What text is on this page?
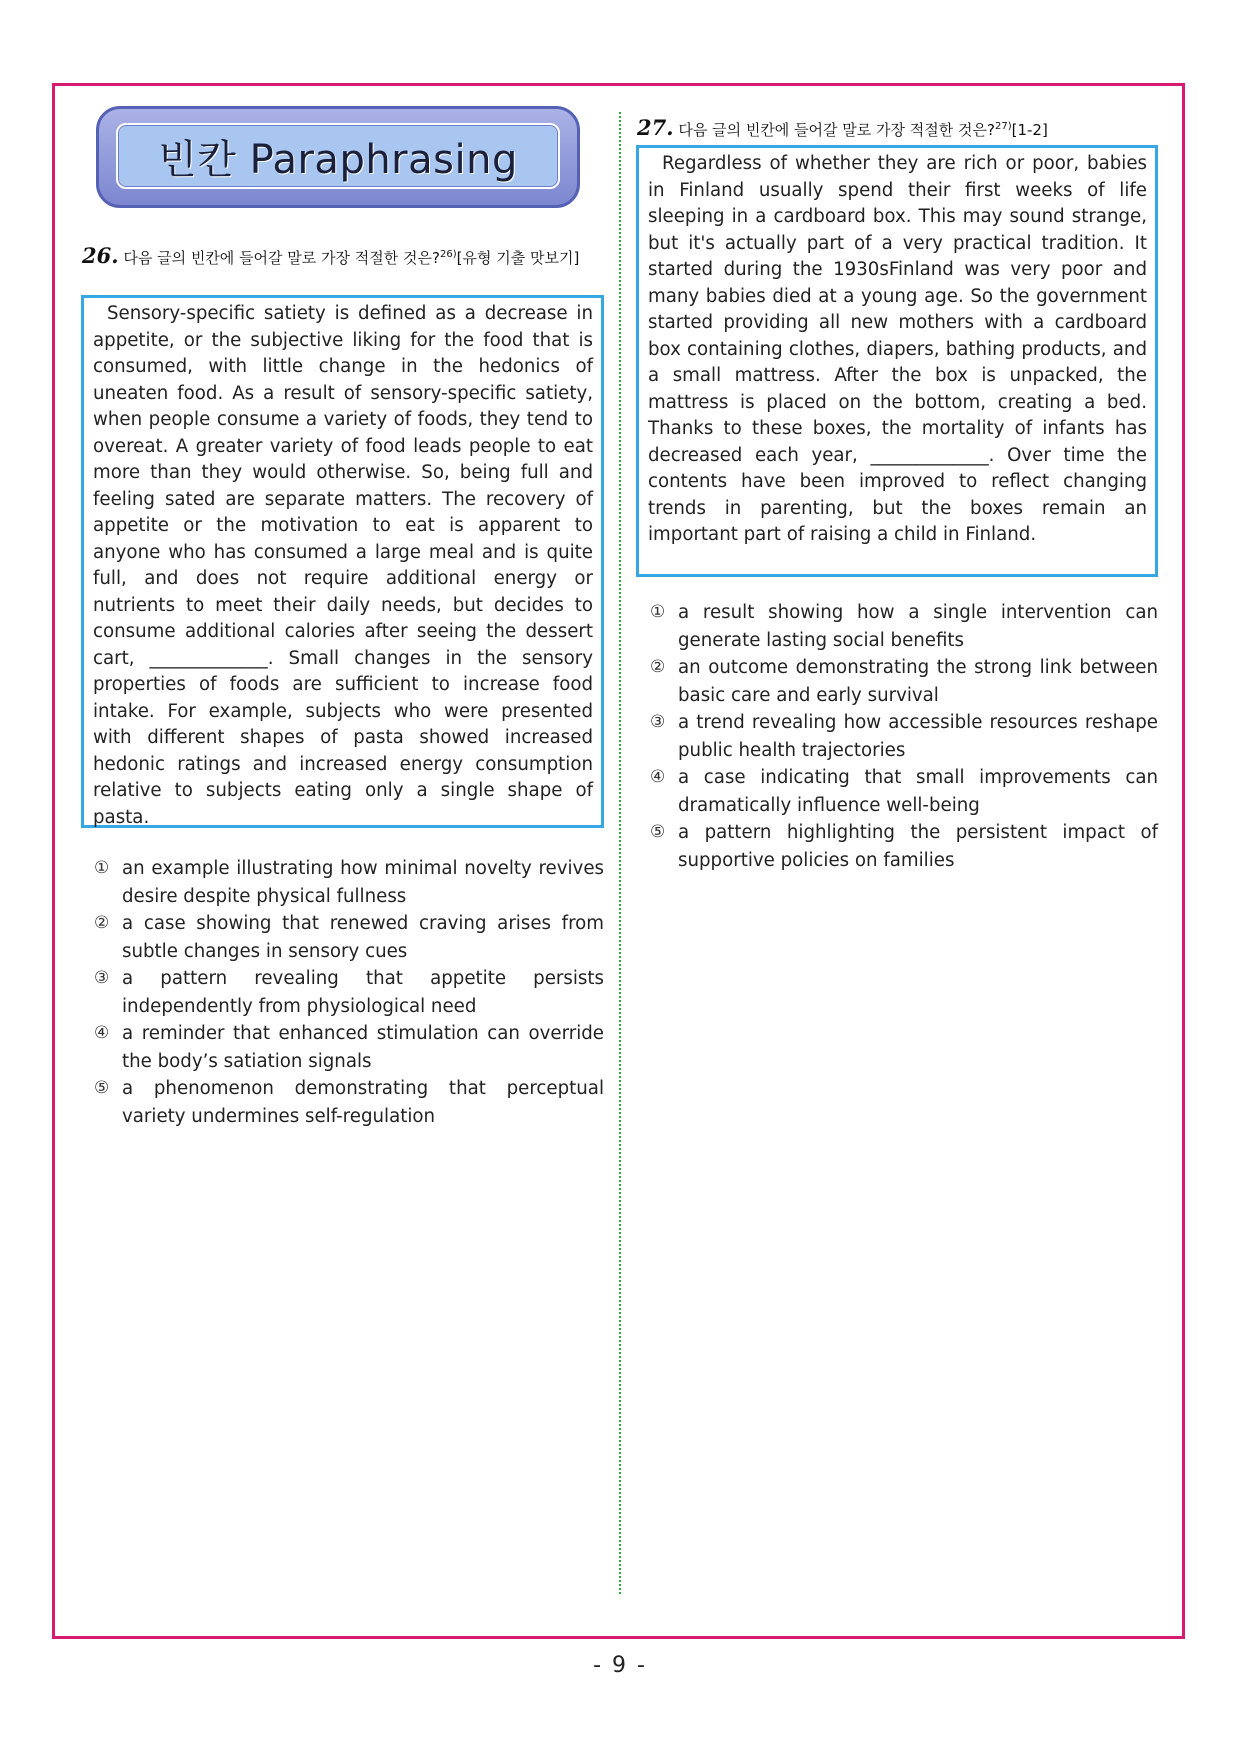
빈칸 Paraphrasing
26. 다음 글의 빈칸에 들어갈 말로 가장 적절한 것은?$^{26)}$[유형 기출 맛보기]

Sensory-specific satiety is defined as a decrease in appetite, or the subjective liking for the food that is consumed, with little change in the hedonics of uneaten food. As a result of sensory-specific satiety, when people consume a variety of foods, they tend to overeat. A greater variety of food leads people to eat more than they would otherwise. So, being full and feeling sated are separate matters. The recovery of appetite or the motivation to eat is apparent to anyone who has consumed a large meal and is quite full, and does not require additional energy or nutrients to meet their daily needs, but decides to consume additional calories after seeing the dessert cart, _____________. Small changes in the sensory properties of foods are sufficient to increase food intake. For example, subjects who were presented with different shapes of pasta showed increased hedonic ratings and increased energy consumption relative to subjects eating only a single shape of pasta.

① an example illustrating how minimal novelty revives desire despite physical fullness
② a case showing that renewed craving arises from subtle changes in sensory cues
③ a pattern revealing that appetite persists independently from physiological need
④ a reminder that enhanced stimulation can override the body’s satiation signals
⑤ a phenomenon demonstrating that perceptual variety undermines self-regulation
27. 다음 글의 빈칸에 들어갈 말로 가장 적절한 것은?$^{27)}$[1-2]

Regardless of whether they are rich or poor, babies in Finland usually spend their first weeks of life sleeping in a cardboard box. This may sound strange, but it's actually part of a very practical tradition. It started during the 1930sFinland was very poor and many babies died at a young age. So the government started providing all new mothers with a cardboard box containing clothes, diapers, bathing products, and a small mattress. After the box is unpacked, the mattress is placed on the bottom, creating a bed. Thanks to these boxes, the mortality of infants has decreased each year, _____________. Over time the contents have been improved to reflect changing trends in parenting, but the boxes remain an important part of raising a child in Finland.

① a result showing how a single intervention can generate lasting social benefits
② an outcome demonstrating the strong link between basic care and early survival
③ a trend revealing how accessible resources reshape public health trajectories
④ a case indicating that small improvements can dramatically influence well-being
⑤ a pattern highlighting the persistent impact of supportive policies on families
- 9 -
